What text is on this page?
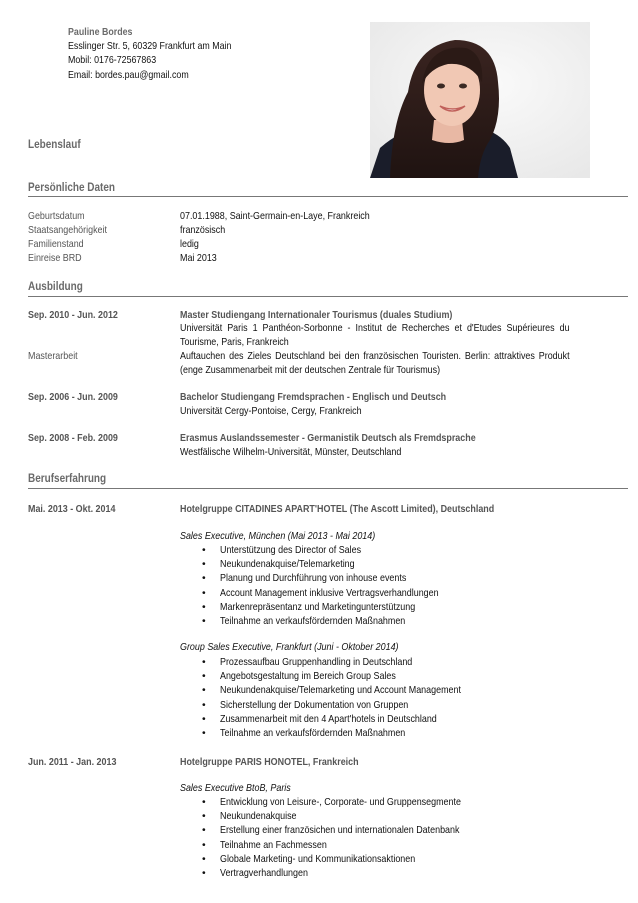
Pauline Bordes
Esslinger Str. 5, 60329 Frankfurt am Main
Mobil: 0176-72567863
Email: bordes.pau@gmail.com
Lebenslauf
Persönliche Daten
Geburtsdatum	07.01.1988, Saint-Germain-en-Laye, Frankreich
Staatsangehörigkeit	französisch
Familienstand	ledig
Einreise BRD	Mai 2013
Ausbildung
Sep. 2010 - Jun. 2012	Master Studiengang Internationaler Tourismus (duales Studium)
Universität Paris 1 Panthéon-Sorbonne - Institut de Recherches et d'Etudes Supérieures du Tourisme, Paris, Frankreich
Masterarbeit	Auftauchen des Zieles Deutschland bei den französischen Touristen. Berlin: attraktives Produkt (enge Zusammenarbeit mit der deutschen Zentrale für Tourismus)
Sep. 2006 - Jun. 2009	Bachelor Studiengang Fremdsprachen - Englisch und Deutsch
Universität Cergy-Pontoise, Cergy, Frankreich
Sep. 2008 - Feb. 2009	Erasmus Auslandssemester - Germanistik Deutsch als Fremdsprache
Westfälische Wilhelm-Universität, Münster, Deutschland
Berufserfahrung
Mai. 2013 - Okt. 2014	Hotelgruppe CITADINES APART'HOTEL (The Ascott Limited), Deutschland
Sales Executive, München (Mai 2013 - Mai 2014)
• Unterstützung des Director of Sales
• Neukundenakquise/Telemarketing
• Planung und Durchführung von inhouse events
• Account Management inklusive Vertragsverhandlungen
• Markenrepräsentanz und Marketingunterstützung
• Teilnahme an verkaufsfördernden Maßnahmen
Group Sales Executive, Frankfurt (Juni - Oktober 2014)
• Prozessaufbau Gruppenhandling in Deutschland
• Angebotsgestaltung im Bereich Group Sales
• Neukundenakquise/Telemarketing und Account Management
• Sicherstellung der Dokumentation von Gruppen
• Zusammenarbeit mit den 4 Apart'hotels in Deutschland
• Teilnahme an verkaufsfördernden Maßnahmen
Jun. 2011 - Jan. 2013	Hotelgruppe PARIS HONOTEL, Frankreich
Sales Executive BtoB, Paris
• Entwicklung von Leisure-, Corporate- und Gruppensegmente
• Neukundenakquise
• Erstellung einer französichen und internationalen Datenbank
• Teilnahme an Fachmessen
• Globale Marketing- und Kommunikationsaktionen
• Vertragverhandlungen
